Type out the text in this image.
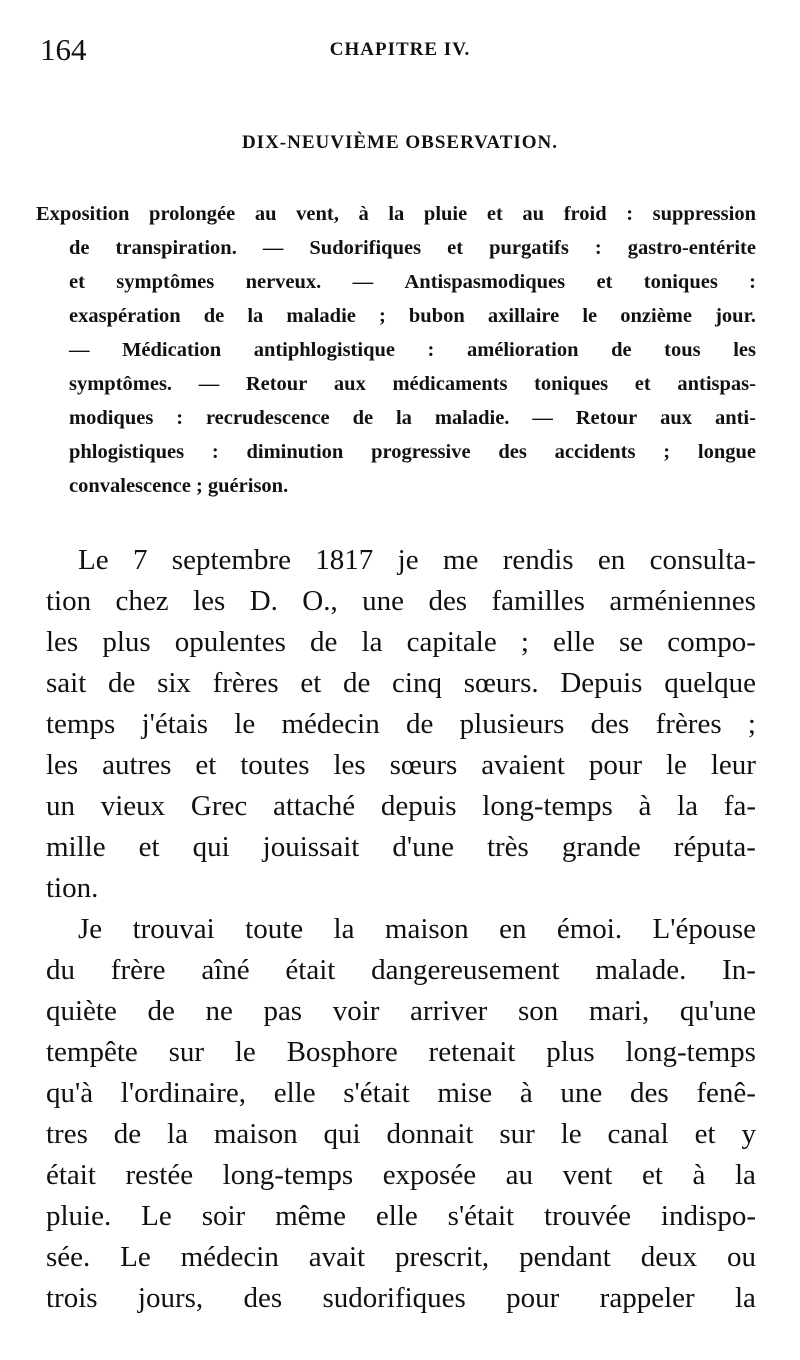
164	CHAPITRE IV.
DIX-NEUVIÈME OBSERVATION.
Exposition prolongée au vent, à la pluie et au froid : suppression
de transpiration. — Sudorifiques et purgatifs : gastro-entérite
et symptômes nerveux. — Antispasmodiques et toniques :
exaspération de la maladie ; bubon axillaire le onzième jour.
— Médication antiphlogistique : amélioration de tous les
symptômes. — Retour aux médicaments toniques et antispas-
modiques : recrudescence de la maladie. — Retour aux anti-
phlogistiques : diminution progressive des accidents ; longue
convalescence ; guérison.
Le 7 septembre 1817 je me rendis en consulta-
tion chez les D. O., une des familles arméniennes
les plus opulentes de la capitale ; elle se compo-
sait de six frères et de cinq sœurs. Depuis quelque
temps j'étais le médecin de plusieurs des frères ;
les autres et toutes les sœurs avaient pour le leur
un vieux Grec attaché depuis long-temps à la fa-
mille et qui jouissait d'une très grande réputa-
tion.
Je trouvai toute la maison en émoi. L'épouse
du frère aîné était dangereusement malade. In-
quiète de ne pas voir arriver son mari, qu'une
tempête sur le Bosphore retenait plus long-temps
qu'à l'ordinaire, elle s'était mise à une des fenê-
tres de la maison qui donnait sur le canal et y
était restée long-temps exposée au vent et à la
pluie. Le soir même elle s'était trouvée indispo-
sée. Le médecin avait prescrit, pendant deux ou
trois jours, des sudorifiques pour rappeler la
